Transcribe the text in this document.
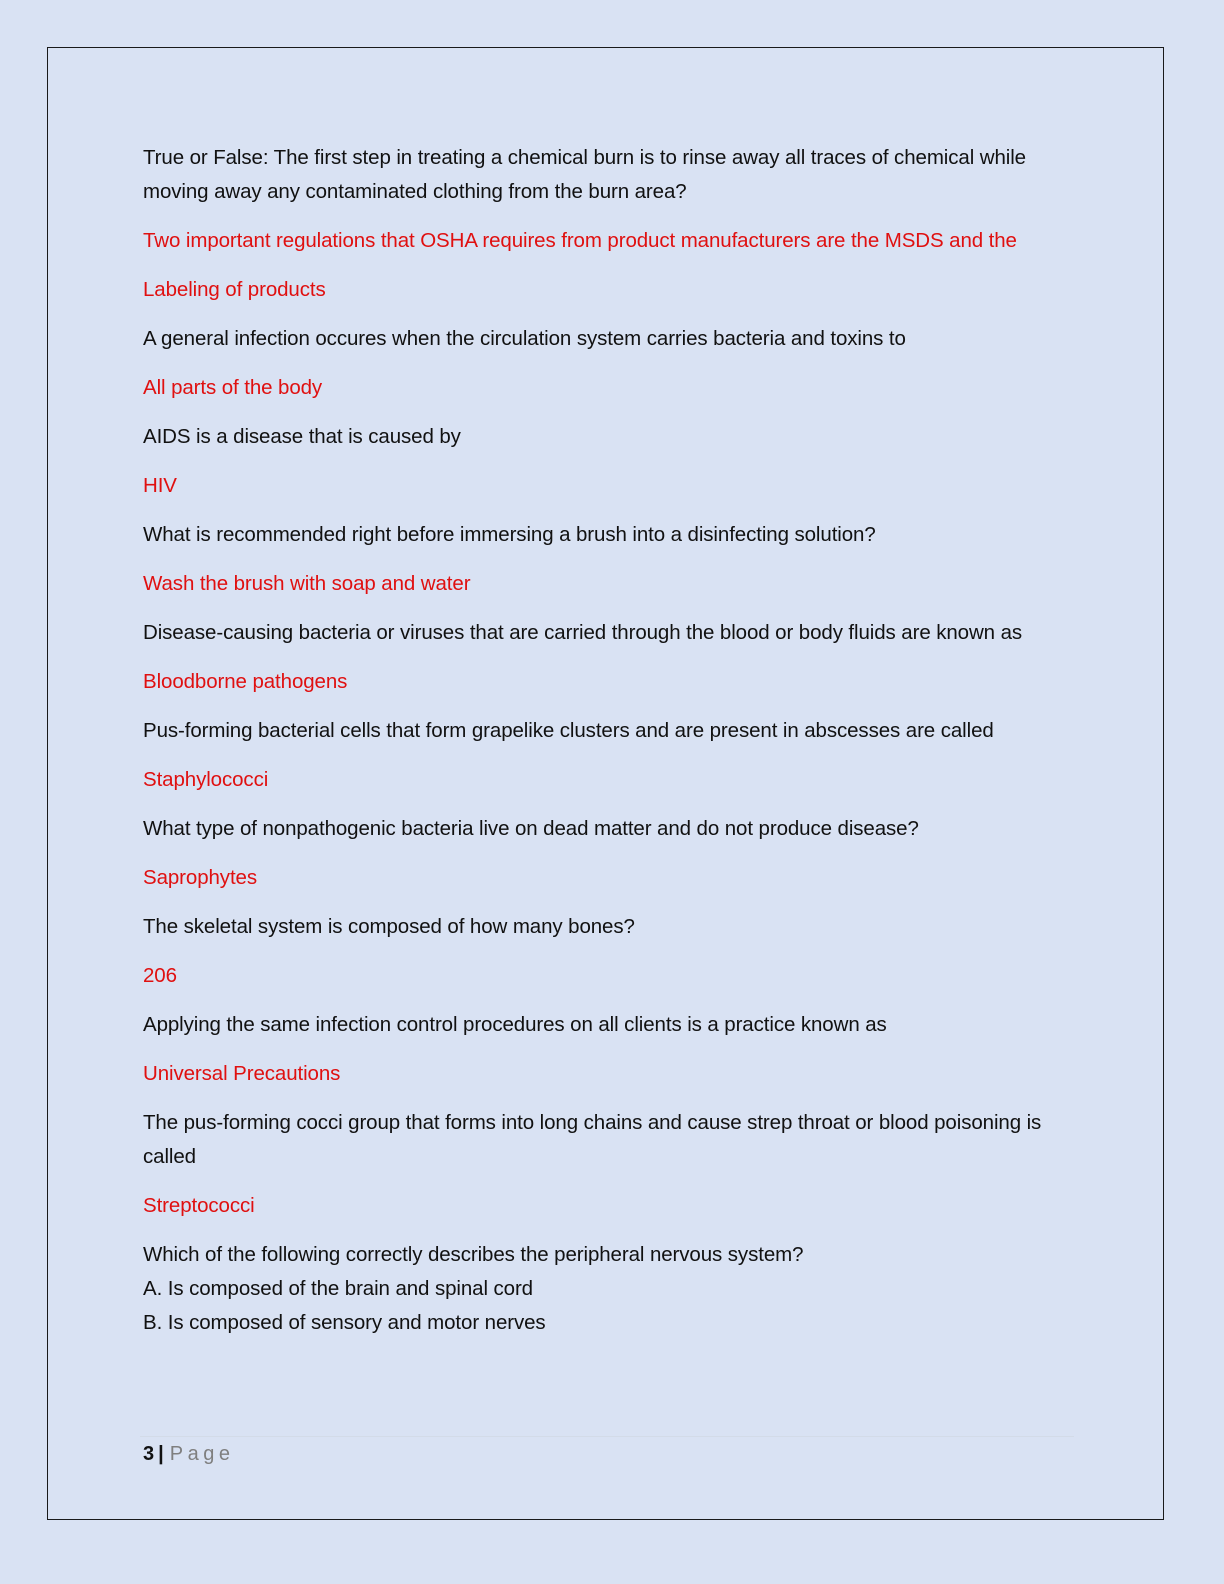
True or False: The first step in treating a chemical burn is to rinse away all traces of chemical while moving away any contaminated clothing from the burn area?

Two important regulations that OSHA requires from product manufacturers are the MSDS and the

Labeling of products

A general infection occures when the circulation system carries bacteria and toxins to

All parts of the body

AIDS is a disease that is caused by

HIV

What is recommended right before immersing a brush into a disinfecting solution?

Wash the brush with soap and water

Disease-causing bacteria or viruses that are carried through the blood or body fluids are known as

Bloodborne pathogens

Pus-forming bacterial cells that form grapelike clusters and are present in abscesses are called

Staphylococci

What type of nonpathogenic bacteria live on dead matter and do not produce disease?

Saprophytes

The skeletal system is composed of how many bones?

206

Applying the same infection control procedures on all clients is a practice known as

Universal Precautions

The pus-forming cocci group that forms into long chains and cause strep throat or blood poisoning is called

Streptococci

Which of the following correctly describes the peripheral nervous system?

A. Is composed of the brain and spinal cord

B. Is composed of sensory and motor nerves

3 | Page
